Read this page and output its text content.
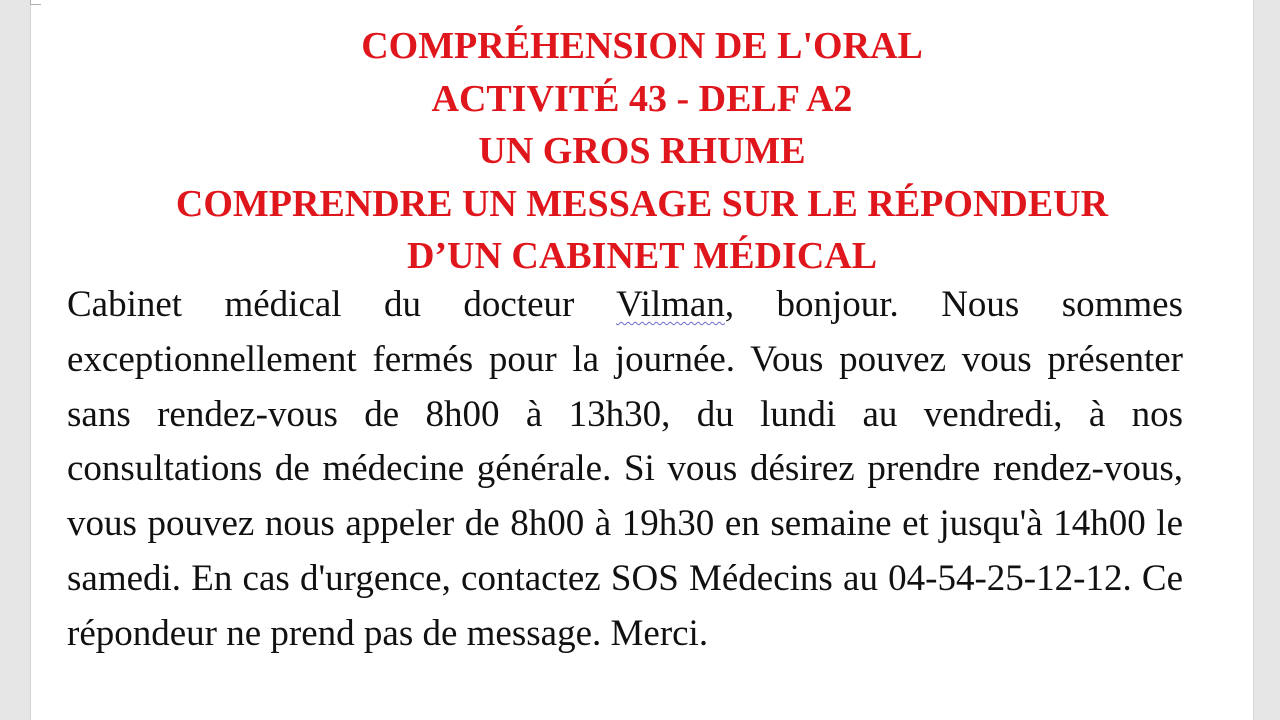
COMPRÉHENSION DE L'ORAL
ACTIVITÉ 43 - DELF A2
UN GROS RHUME
COMPRENDRE UN MESSAGE SUR LE RÉPONDEUR
D’UN CABINET MÉDICAL

Cabinet médical du docteur Vilman, bonjour. Nous sommes exceptionnellement fermés pour la journée. Vous pouvez vous présenter sans rendez-vous de 8h00 à 13h30, du lundi au vendredi, à nos consultations de médecine générale. Si vous désirez prendre rendez-vous, vous pouvez nous appeler de 8h00 à 19h30 en semaine et jusqu'à 14h00 le samedi. En cas d'urgence, contactez SOS Médecins au 04-54-25-12-12. Ce répondeur ne prend pas de message. Merci.
